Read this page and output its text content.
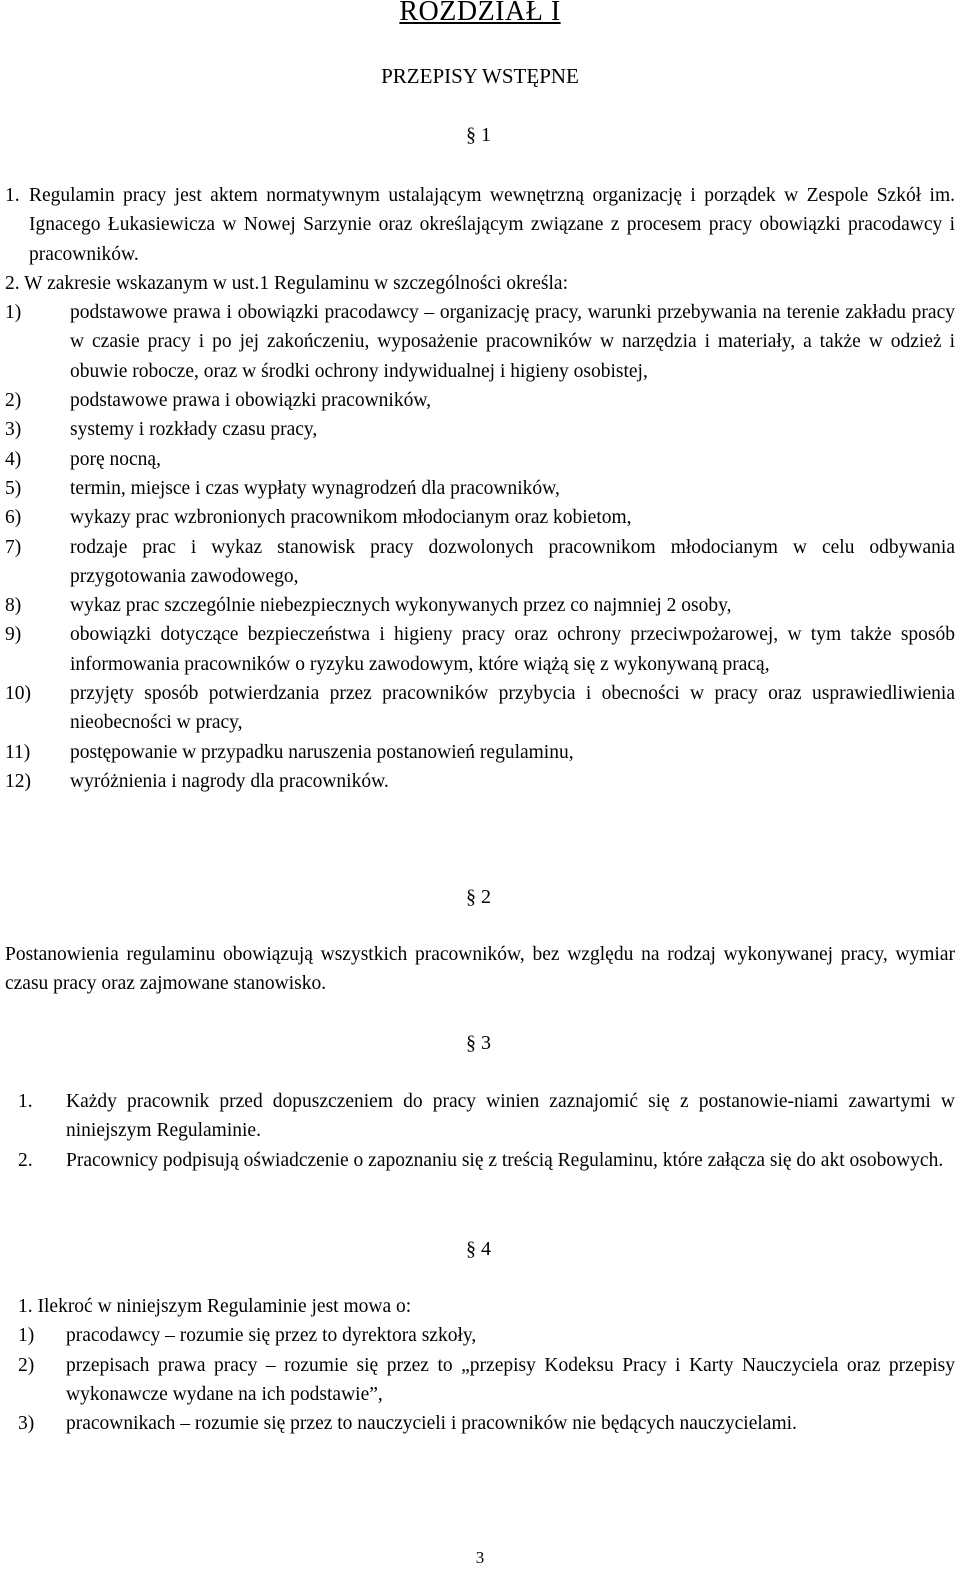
ROZDZIAŁ I
PRZEPISY WSTĘPNE
§ 1
1. Regulamin pracy jest aktem normatywnym ustalającym wewnętrzną organizację i porządek w Zespole Szkół im. Ignacego Łukasiewicza w Nowej Sarzynie oraz określającym związane z procesem pracy obowiązki pracodawcy i pracowników.

2. W zakresie wskazanym w ust.1 Regulaminu w szczególności określa:

1)	podstawowe prawa i obowiązki pracodawcy – organizację pracy, warunki przebywania na terenie zakładu pracy w czasie pracy i po jej zakończeniu, wyposażenie pracowników w narzędzia i materiały, a także w odzież i obuwie robocze, oraz w środki ochrony indywidualnej i higieny osobistej,

2)	podstawowe prawa i obowiązki pracowników,

3)	systemy i rozkłady czasu pracy,

4)	porę nocną,

5)	termin, miejsce i czas wypłaty wynagrodzeń dla pracowników,

6)	wykazy prac wzbronionych pracownikom młodocianym oraz kobietom,

7)	rodzaje prac i wykaz stanowisk pracy dozwolonych pracownikom młodocianym w celu odbywania przygotowania zawodowego,

8)	wykaz prac szczególnie niebezpiecznych wykonywanych przez co najmniej 2 osoby,

9)	obowiązki dotyczące bezpieczeństwa i higieny pracy oraz ochrony przeciwpożarowej, w tym także sposób informowania pracowników o ryzyku zawodowym, które wiążą się z wykonywaną pracą,

10)	przyjęty sposób potwierdzania przez pracowników przybycia i obecności w pracy oraz usprawiedliwienia nieobecności w pracy,

11)	postępowanie w przypadku naruszenia postanowień regulaminu,

12)	wyróżnienia i nagrody dla pracowników.

§ 2

Postanowienia regulaminu obowiązują wszystkich pracowników, bez względu na rodzaj wykonywanej pracy, wymiar czasu pracy oraz zajmowane stanowisko.

§ 3
1.	Każdy pracownik przed dopuszczeniem do pracy winien zaznajomić się z postanowie-niami zawartymi w niniejszym Regulaminie.

2.	Pracownicy podpisują oświadczenie o zapoznaniu się z treścią Regulaminu, które załącza się do akt osobowych.

§ 4

1. Ilekroć w niniejszym Regulaminie jest mowa o:

1)	pracodawcy – rozumie się przez to dyrektora szkoły,

2)	przepisach prawa pracy – rozumie się przez to „przepisy Kodeksu Pracy i Karty Nauczyciela oraz przepisy wykonawcze wydane na ich podstawie”,

3)	pracownikach – rozumie się przez to nauczycieli i pracowników nie będących nauczycielami.

3
